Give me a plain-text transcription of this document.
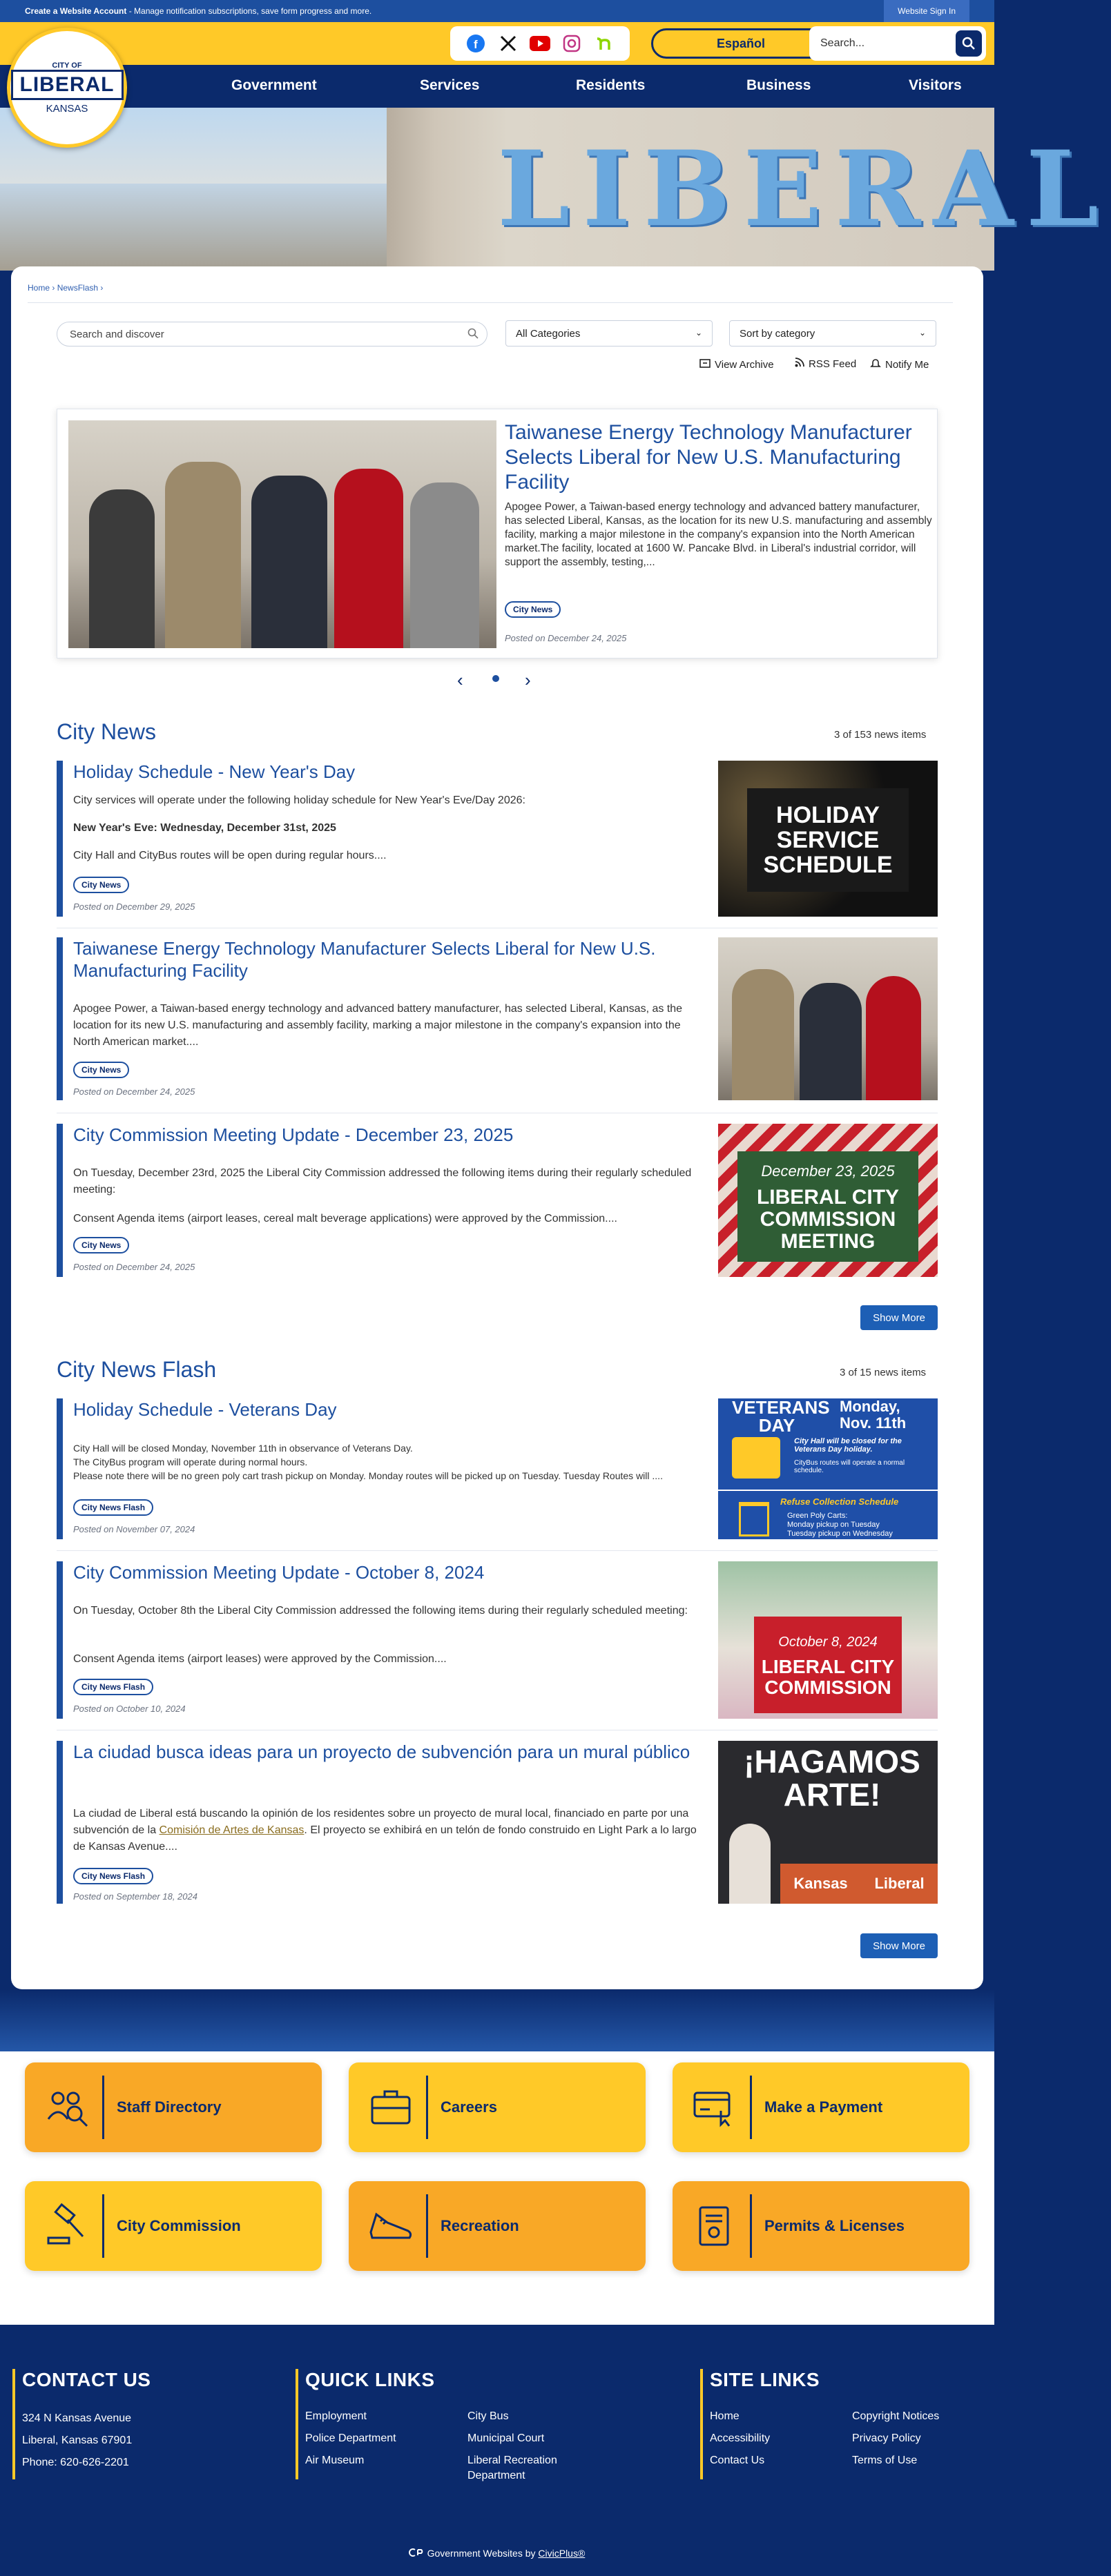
Create a Website Account - Manage notification subscriptions, save form progress and more.	Website Sign In
f	Español	Search...
Government	Services	Residents	Business	Visitors
CITY OF
LIBERAL
KANSAS
LIBERAL
Home › NewsFlash ›
Search and discover	All Categories	⌄	Sort by category	⌄
View Archive	RSS Feed	Notify Me
Taiwanese Energy Technology Manufacturer Selects Liberal for New U.S. Manufacturing Facility
Apogee Power, a Taiwan-based energy technology and advanced battery manufacturer, has selected Liberal, Kansas, as the location for its new U.S. manufacturing and assembly facility, marking a major milestone in the company's expansion into the North American market.The facility, located at 1600 W. Pancake Blvd. in Liberal's industrial corridor, will support the assembly, testing,...
City News
Posted on December 24, 2025
‹	›
City News	3 of 153 news items
Holiday Schedule - New Year's Day
City services will operate under the following holiday schedule for New Year's Eve/Day 2026:
New Year's Eve: Wednesday, December 31st, 2025
City Hall and CityBus routes will be open during regular hours....
City News
Posted on December 29, 2025
HOLIDAY
SERVICE
SCHEDULE
Taiwanese Energy Technology Manufacturer Selects Liberal for New U.S. Manufacturing Facility
Apogee Power, a Taiwan-based energy technology and advanced battery manufacturer, has selected Liberal, Kansas, as the location for its new U.S. manufacturing and assembly facility, marking a major milestone in the company's expansion into the North American market....
City News
Posted on December 24, 2025
City Commission Meeting Update - December 23, 2025
On Tuesday, December 23rd, 2025 the Liberal City Commission addressed the following items during their regularly scheduled meeting:
Consent Agenda items (airport leases, cereal malt beverage applications) were approved by the Commission....
City News
Posted on December 24, 2025
December 23, 2025
LIBERAL CITY
COMMISSION
MEETING
Show More
City News Flash	3 of 15 news items
Holiday Schedule - Veterans Day
City Hall will be closed Monday, November 11th in observance of Veterans Day.
The CityBus program will operate during normal hours.
Please note there will be no green poly cart trash pickup on Monday. Monday routes will be picked up on Tuesday. Tuesday Routes will ....
City News Flash
Posted on November 07, 2024
VETERANS
DAY
Monday,
Nov. 11th
City Hall will be closed for the Veterans Day holiday.
CityBus routes will operate a normal schedule.
Refuse Collection Schedule
Green Poly Carts:
Monday pickup on Tuesday
Tuesday pickup on Wednesday
City Commission Meeting Update - October 8, 2024
On Tuesday, October 8th the Liberal City Commission addressed the following items during their regularly scheduled meeting:
Consent Agenda items (airport leases) were approved by the Commission....
City News Flash
Posted on October 10, 2024
October 8, 2024
LIBERAL CITY
COMMISSION
La ciudad busca ideas para un proyecto de subvención para un mural público
La ciudad de Liberal está buscando la opinión de los residentes sobre un proyecto de mural local, financiado en parte por una subvención de la Comisión de Artes de Kansas. El proyecto se exhibirá en un telón de fondo construido en Light Park a lo largo de Kansas Avenue....
City News Flash
Posted on September 18, 2024
¡HAGAMOS
ARTE!
Kansas Liberal
Show More
Staff Directory	Careers	Make a Payment
City Commission	Recreation	Permits & Licenses
CONTACT US
324 N Kansas Avenue
Liberal, Kansas 67901
Phone: 620-626-2201
QUICK LINKS
Employment
Police Department
Air Museum
City Bus
Municipal Court
Liberal Recreation Department
SITE LINKS
Home
Accessibility
Contact Us
Copyright Notices
Privacy Policy
Terms of Use
Government Websites by CivicPlus®
